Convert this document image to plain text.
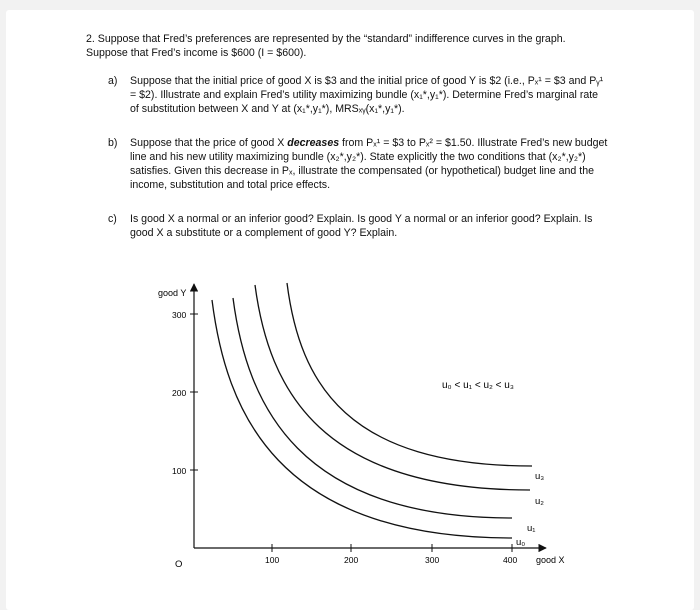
2. Suppose that Fred’s preferences are represented by the “standard” indifference curves in the graph.
Suppose that Fred’s income is $600 (I = $600).
a) Suppose that the initial price of good X is $3 and the initial price of good Y is $2 (i.e., Pₓ¹ = $3 and Pᵧ¹
= $2). Illustrate and explain Fred’s utility maximizing bundle (x₁*,y₁*). Determine Fred’s marginal rate
of substitution between X and Y at (x₁*,y₁*), MRSₓᵧ(x₁*,y₁*).
b) Suppose that the price of good X decreases from Pₓ¹ = $3 to Pₓ² = $1.50. Illustrate Fred’s new budget
line and his new utility maximizing bundle (x₂*,y₂*). State explicitly the two conditions that (x₂*,y₂*)
satisfies. Given this decrease in Pₓ, illustrate the compensated (or hypothetical) budget line and the
income, substitution and total price effects.
c) Is good X a normal or an inferior good? Explain. Is good Y a normal or an inferior good? Explain. Is
good X a substitute or a complement of good Y? Explain.
good Y
good X
O
300
200
100
100	200	300	400
u₃
u₂
u₁
u₀
u₀ < u₁ < u₂ < u₃
